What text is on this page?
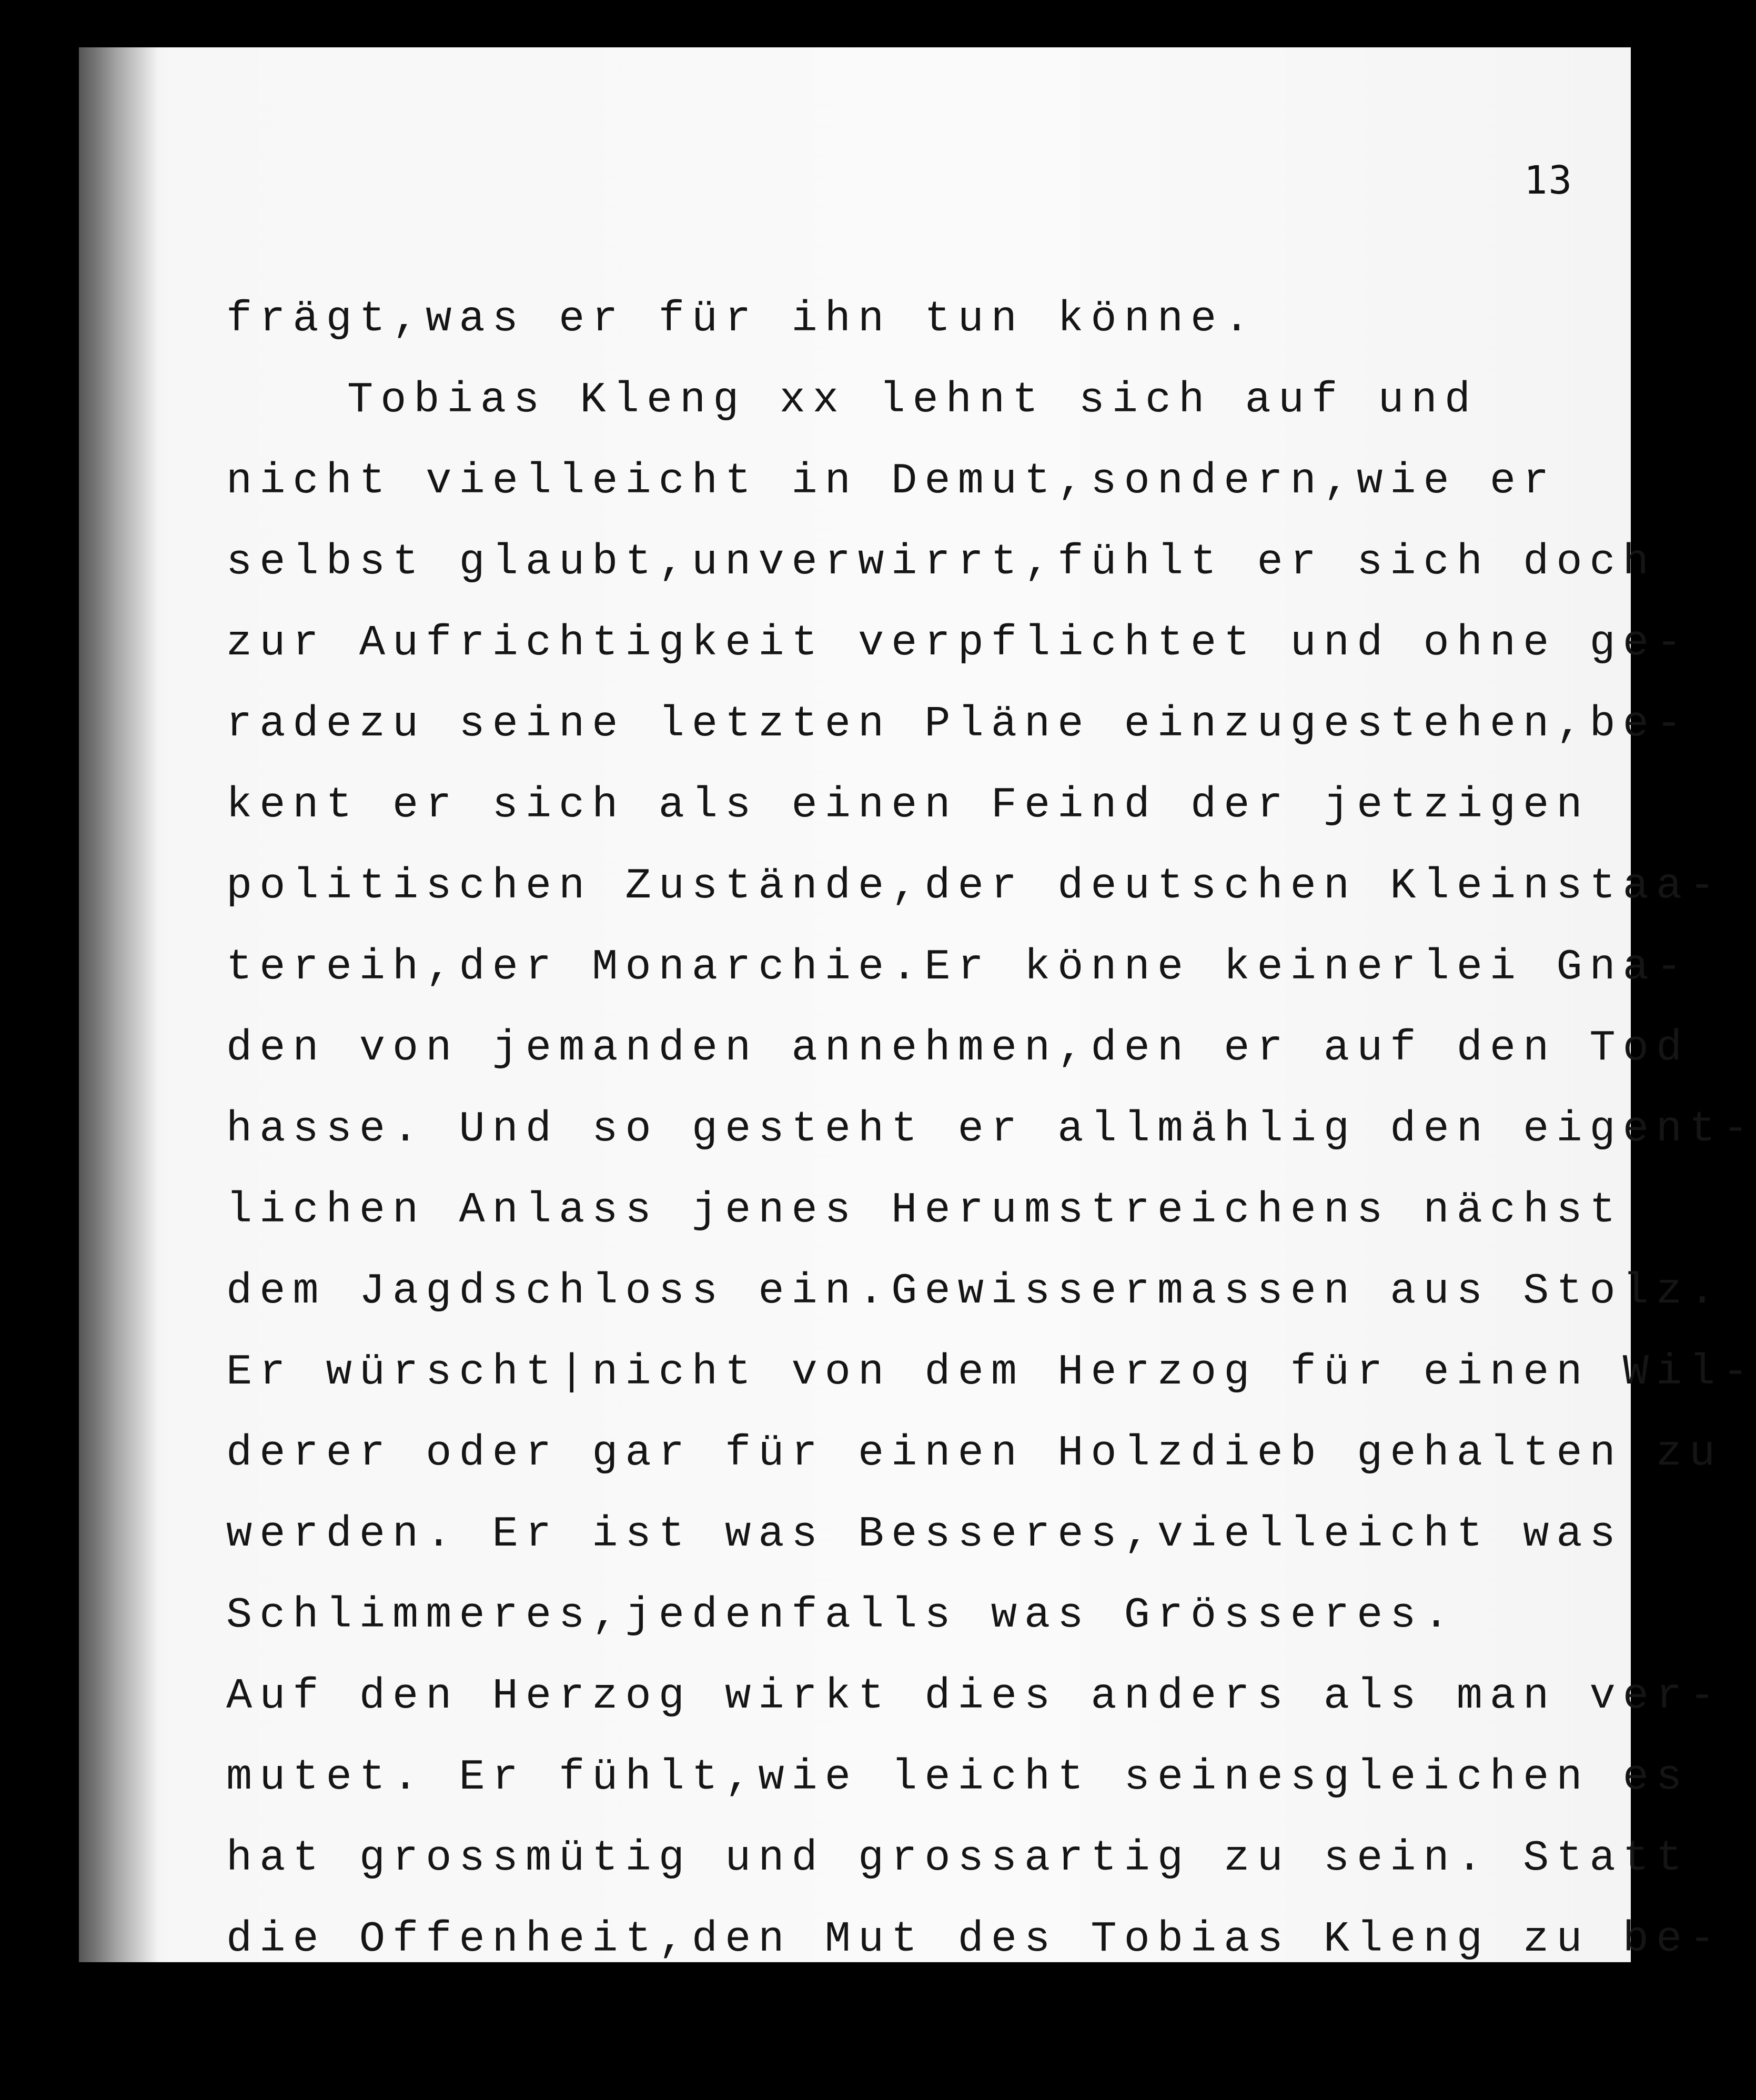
13
frägt,was er für ihn tun könne.
Tobias Kleng xx lehnt sich auf und
nicht vielleicht in Demut,sondern,wie er
selbst glaubt,unverwirrt,fühlt er sich doch
zur Aufrichtigkeit verpflichtet und ohne ge-
radezu seine letzten Pläne einzugestehen,be-
kent er sich als einen Feind der jetzigen
politischen Zustände,der deutschen Kleinstaa-
tereih,der Monarchie.Er könne keinerlei Gna-
den von jemanden annehmen,den er auf den Tod
hasse. Und so gesteht er allmählig den eigent-
lichen Anlass jenes Herumstreichens nächst
dem Jagdschloss ein.Gewissermassen aus Stolz.
Er würscht|nicht von dem Herzog für einen Wil-
derer oder gar für einen Holzdieb gehalten zu
werden. Er ist was Besseres,vielleicht was
Schlimmeres,jedenfalls was Grösseres.
Auf den Herzog wirkt dies anders als man ver-
mutet. Er fühlt,wie leicht seinesgleichen es
hat grossmütig und grossartig zu sein. Statt
die Offenheit,den Mut des Tobias Kleng zu be-
